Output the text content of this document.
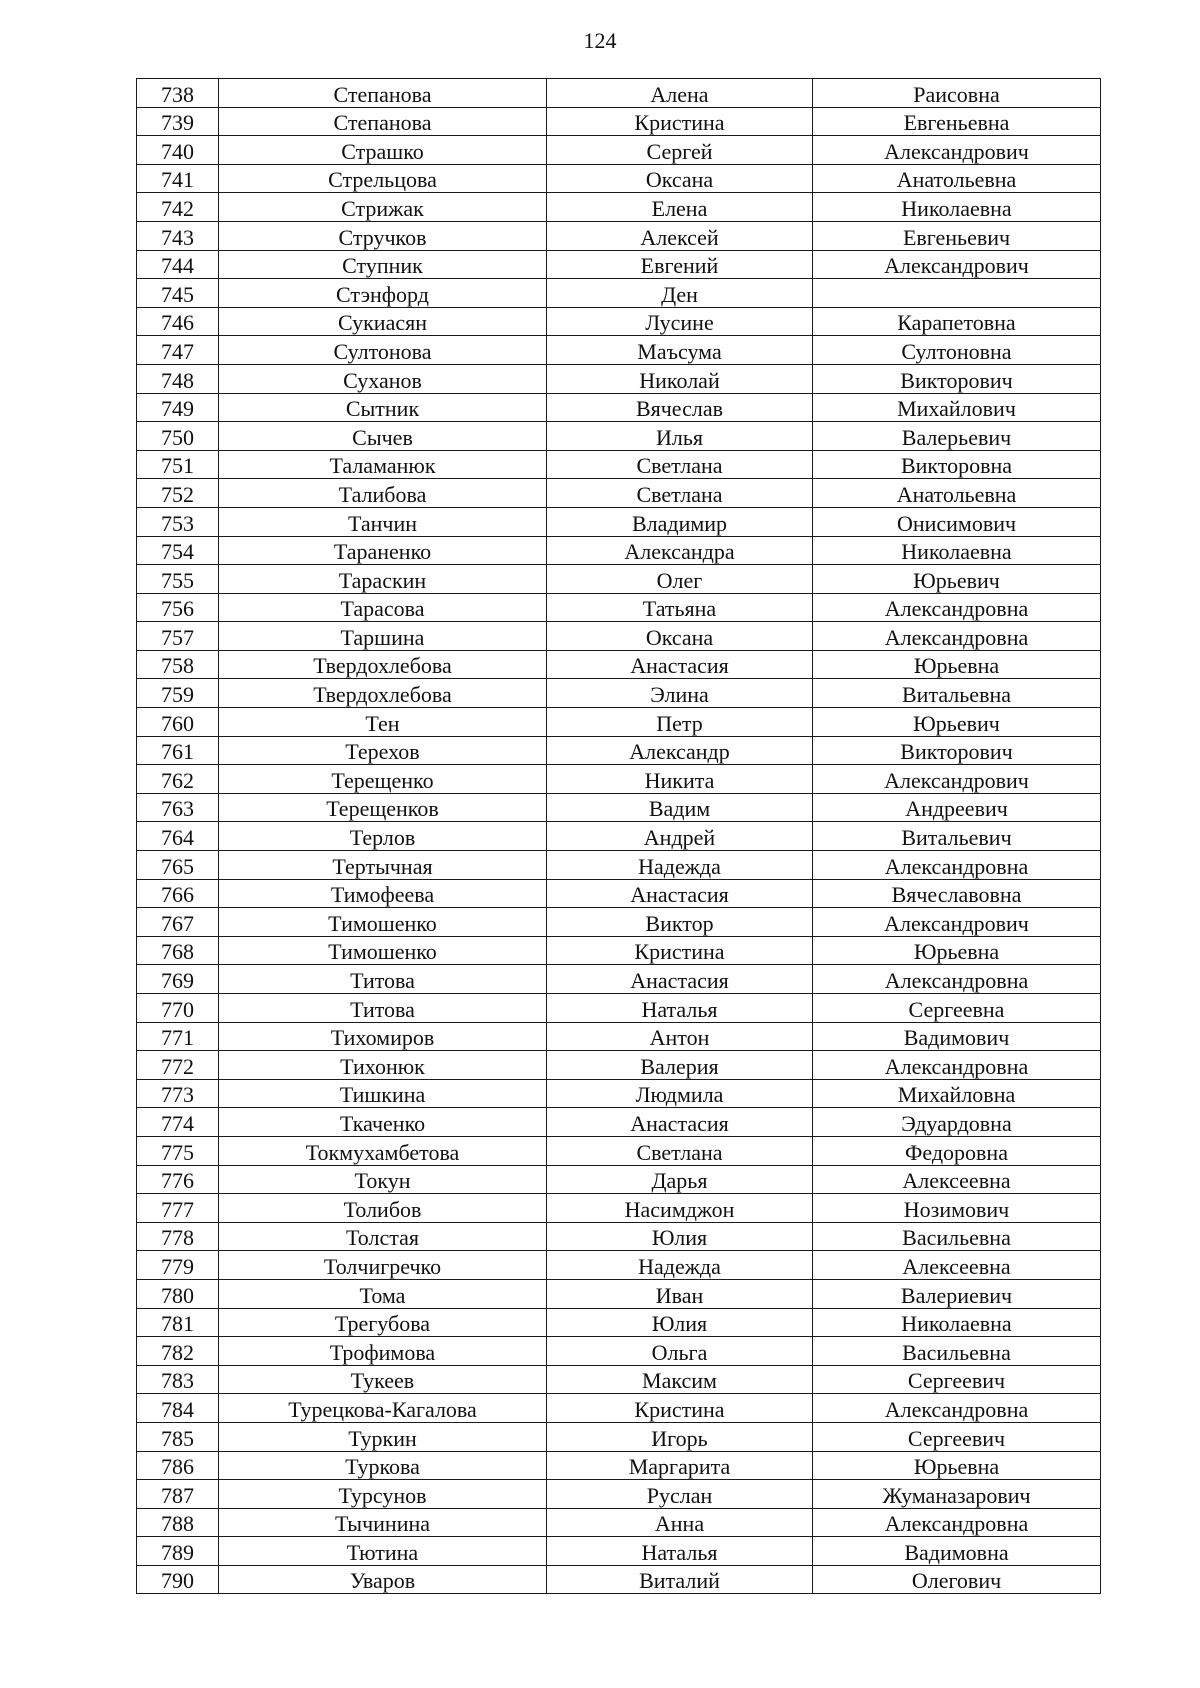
124
738	Степанова	Алена	Раисовна
739	Степанова	Кристина	Евгеньевна
740	Страшко	Сергей	Александрович
741	Стрельцова	Оксана	Анатольевна
742	Стрижак	Елена	Николаевна
743	Стручков	Алексей	Евгеньевич
744	Ступник	Евгений	Александрович
745	Стэнфорд	Ден	
746	Сукиасян	Лусине	Карапетовна
747	Султонова	Маъсума	Султоновна
748	Суханов	Николай	Викторович
749	Сытник	Вячеслав	Михайлович
750	Сычев	Илья	Валерьевич
751	Таламанюк	Светлана	Викторовна
752	Талибова	Светлана	Анатольевна
753	Танчин	Владимир	Онисимович
754	Тараненко	Александра	Николаевна
755	Тараскин	Олег	Юрьевич
756	Тарасова	Татьяна	Александровна
757	Таршина	Оксана	Александровна
758	Твердохлебова	Анастасия	Юрьевна
759	Твердохлебова	Элина	Витальевна
760	Тен	Петр	Юрьевич
761	Терехов	Александр	Викторович
762	Терещенко	Никита	Александрович
763	Терещенков	Вадим	Андреевич
764	Терлов	Андрей	Витальевич
765	Тертычная	Надежда	Александровна
766	Тимофеева	Анастасия	Вячеславовна
767	Тимошенко	Виктор	Александрович
768	Тимошенко	Кристина	Юрьевна
769	Титова	Анастасия	Александровна
770	Титова	Наталья	Сергеевна
771	Тихомиров	Антон	Вадимович
772	Тихонюк	Валерия	Александровна
773	Тишкина	Людмила	Михайловна
774	Ткаченко	Анастасия	Эдуардовна
775	Токмухамбетова	Светлана	Федоровна
776	Токун	Дарья	Алексеевна
777	Толибов	Насимджон	Нозимович
778	Толстая	Юлия	Васильевна
779	Толчигречко	Надежда	Алексеевна
780	Тома	Иван	Валериевич
781	Трегубова	Юлия	Николаевна
782	Трофимова	Ольга	Васильевна
783	Тукеев	Максим	Сергеевич
784	Турецкова-Кагалова	Кристина	Александровна
785	Туркин	Игорь	Сергеевич
786	Туркова	Маргарита	Юрьевна
787	Турсунов	Руслан	Жуманазарович
788	Тычинина	Анна	Александровна
789	Тютина	Наталья	Вадимовна
790	Уваров	Виталий	Олегович
